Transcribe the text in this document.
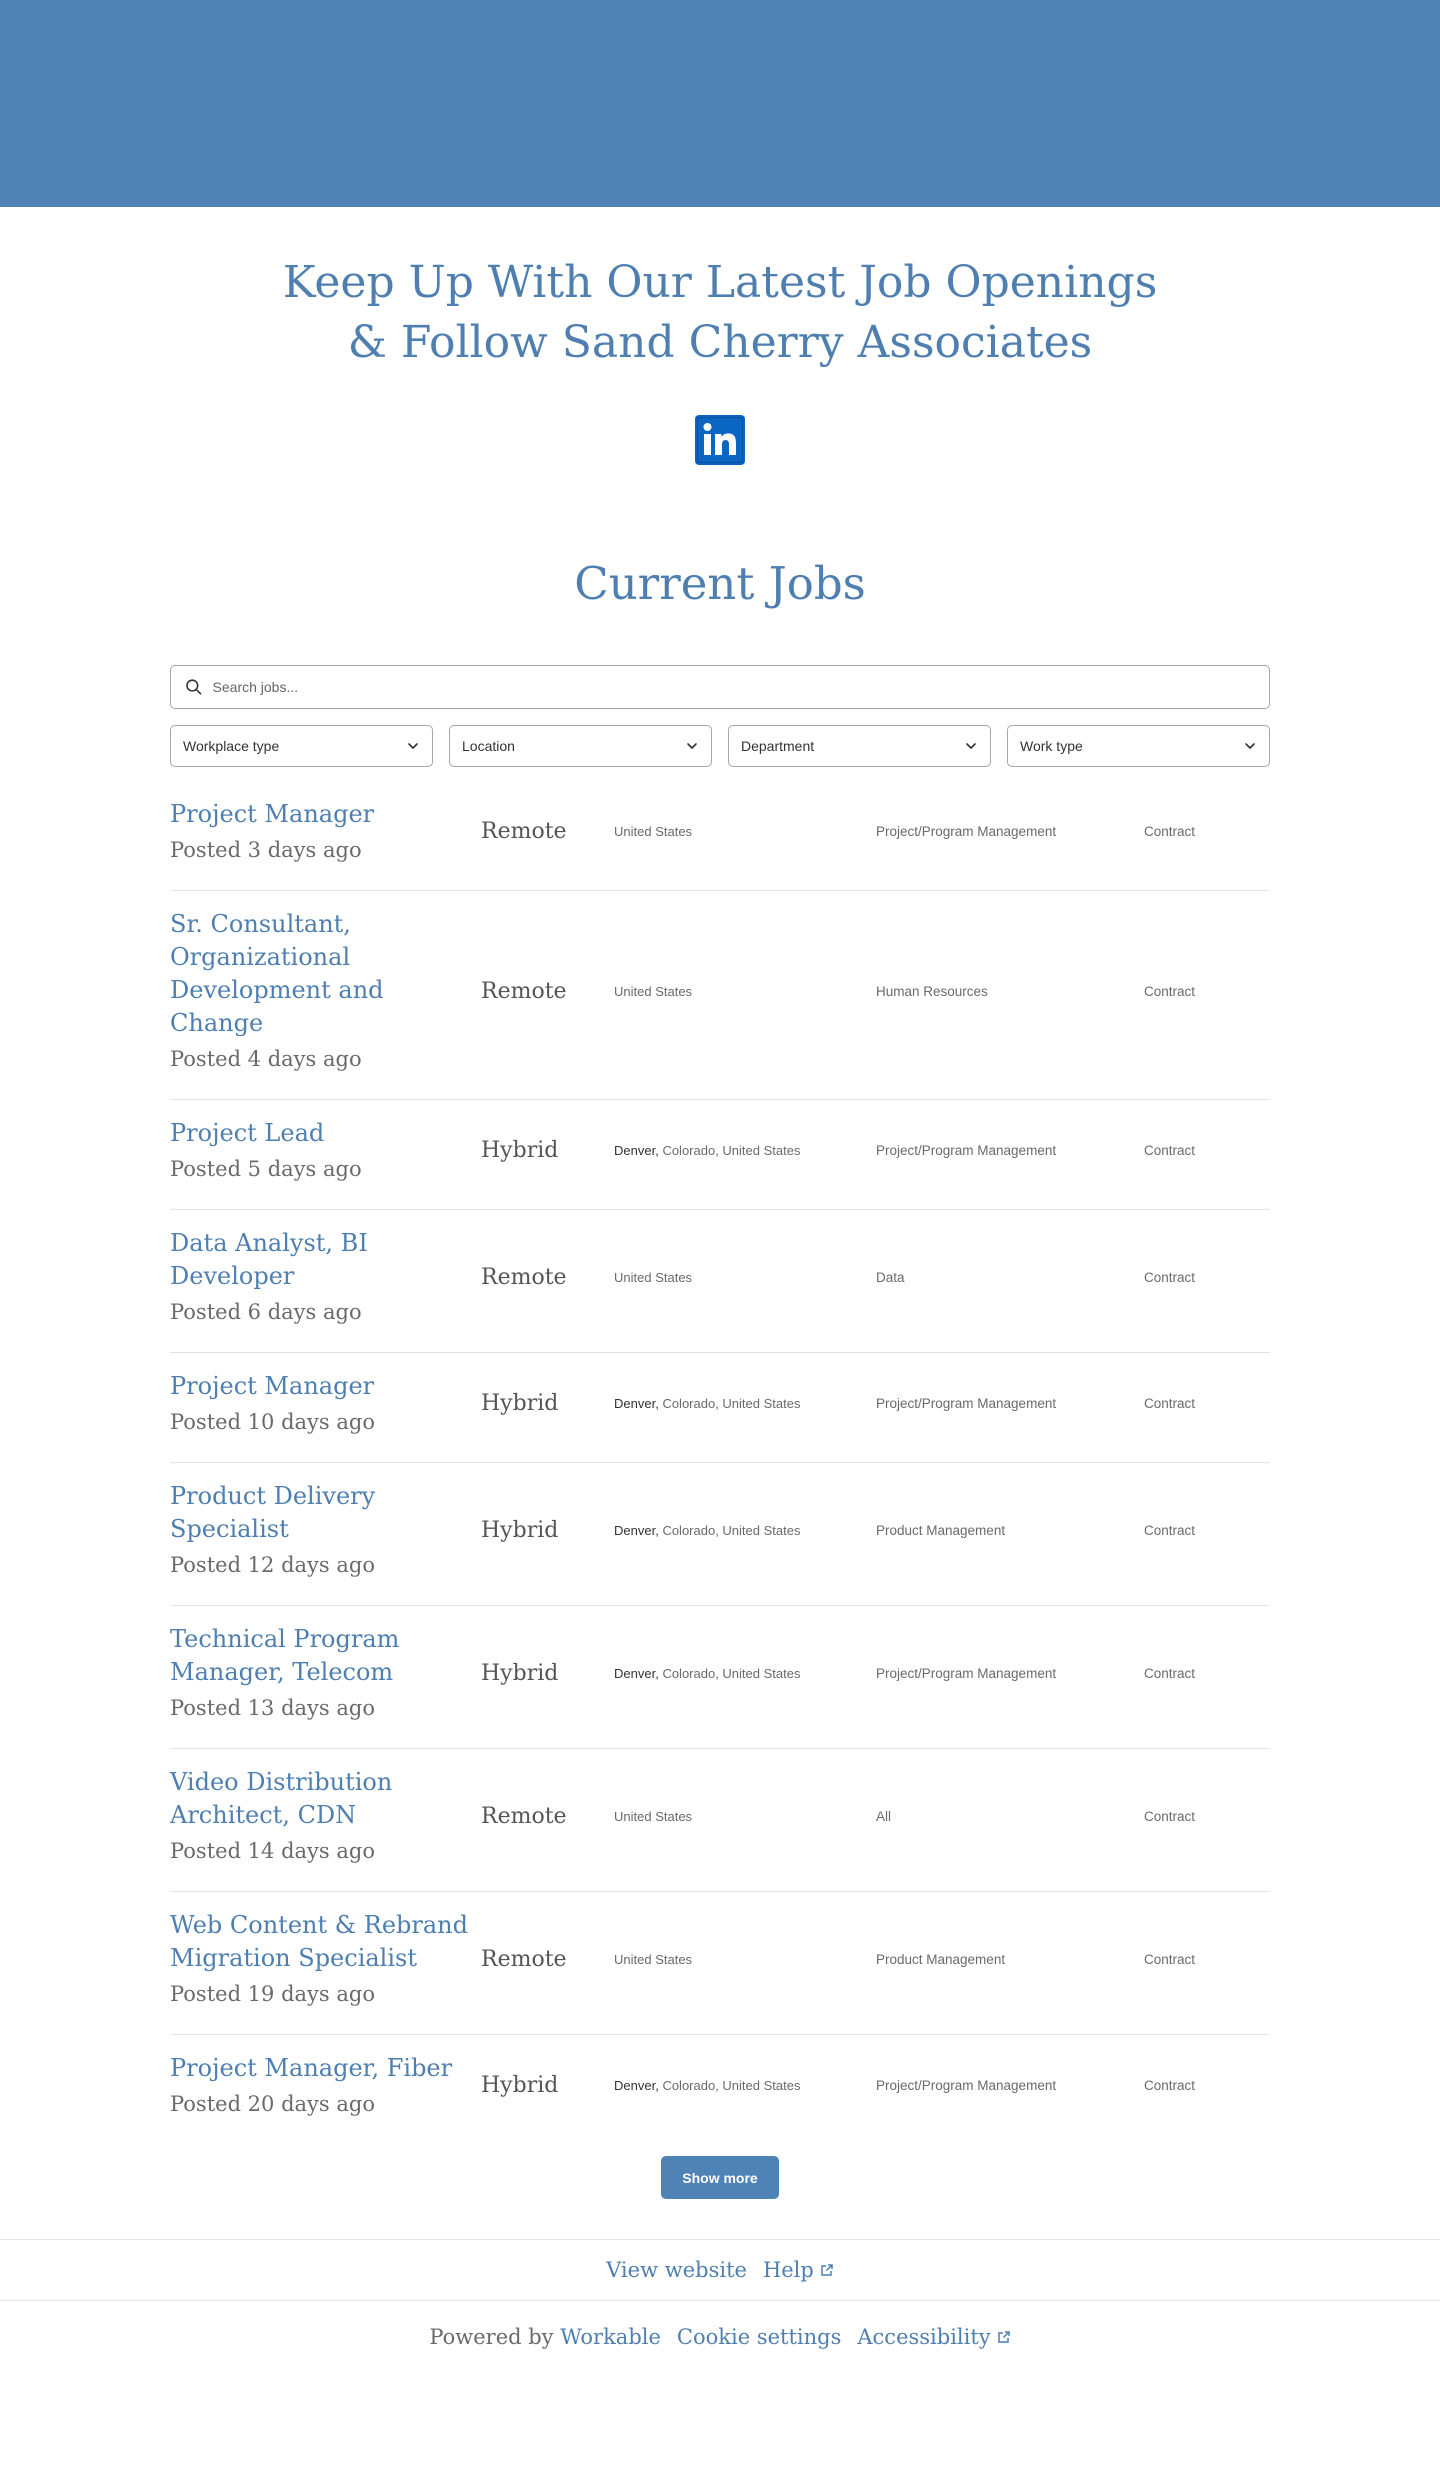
Keep Up With Our Latest Job Openings
& Follow Sand Cherry Associates
Current Jobs
Search jobs...
Workplace type	Location	Department	Work type
Project Manager
Posted 3 days ago
Remote	United States	Project/Program Management	Contract
Sr. Consultant, Organizational Development and Change
Posted 4 days ago
Remote	United States	Human Resources	Contract
Project Lead
Posted 5 days ago
Hybrid	Denver, Colorado, United States	Project/Program Management	Contract
Data Analyst, BI Developer
Posted 6 days ago
Remote	United States	Data	Contract
Project Manager
Posted 10 days ago
Hybrid	Denver, Colorado, United States	Project/Program Management	Contract
Product Delivery Specialist
Posted 12 days ago
Hybrid	Denver, Colorado, United States	Product Management	Contract
Technical Program Manager, Telecom
Posted 13 days ago
Hybrid	Denver, Colorado, United States	Project/Program Management	Contract
Video Distribution Architect, CDN
Posted 14 days ago
Remote	United States	All	Contract
Web Content & Rebrand Migration Specialist
Posted 19 days ago
Remote	United States	Product Management	Contract
Project Manager, Fiber
Posted 20 days ago
Hybrid	Denver, Colorado, United States	Project/Program Management	Contract
Show more
View website Help
Powered by Workable Cookie settings Accessibility
